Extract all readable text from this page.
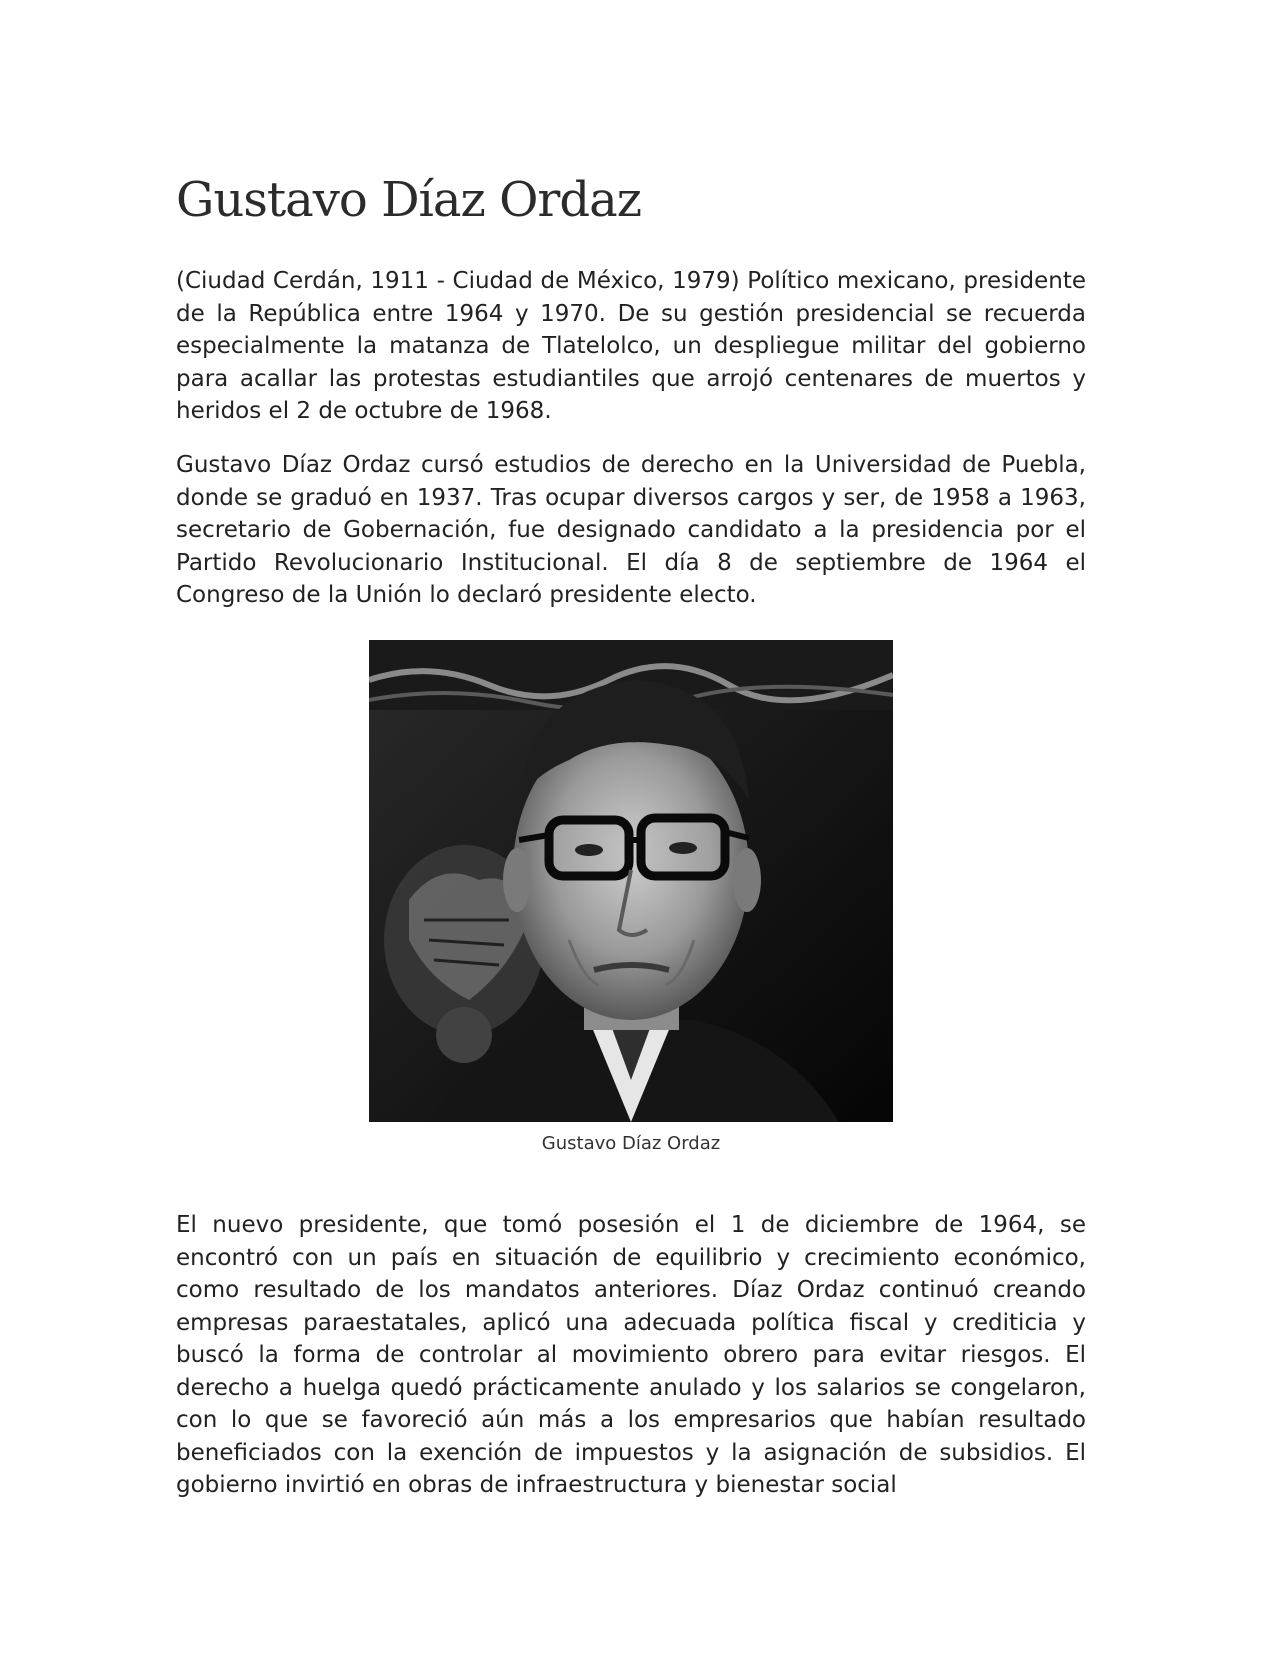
Gustavo Díaz Ordaz

(Ciudad Cerdán, 1911 - Ciudad de México, 1979) Político mexicano, presidente de la República entre 1964 y 1970. De su gestión presidencial se recuerda especialmente la matanza de Tlatelolco, un despliegue militar del gobierno para acallar las protestas estudiantiles que arrojó centenares de muertos y heridos el 2 de octubre de 1968.

Gustavo Díaz Ordaz cursó estudios de derecho en la Universidad de Puebla, donde se graduó en 1937. Tras ocupar diversos cargos y ser, de 1958 a 1963, secretario de Gobernación, fue designado candidato a la presidencia por el Partido Revolucionario Institucional. El día 8 de septiembre de 1964 el Congreso de la Unión lo declaró presidente electo.

Gustavo Díaz Ordaz

El nuevo presidente, que tomó posesión el 1 de diciembre de 1964, se encontró con un país en situación de equilibrio y crecimiento económico, como resultado de los mandatos anteriores. Díaz Ordaz continuó creando empresas paraestatales, aplicó una adecuada política fiscal y crediticia y buscó la forma de controlar al movimiento obrero para evitar riesgos. El derecho a huelga quedó prácticamente anulado y los salarios se congelaron, con lo que se favoreció aún más a los empresarios que habían resultado beneficiados con la exención de impuestos y la asignación de subsidios. El gobierno invirtió en obras de infraestructura y bienestar social
